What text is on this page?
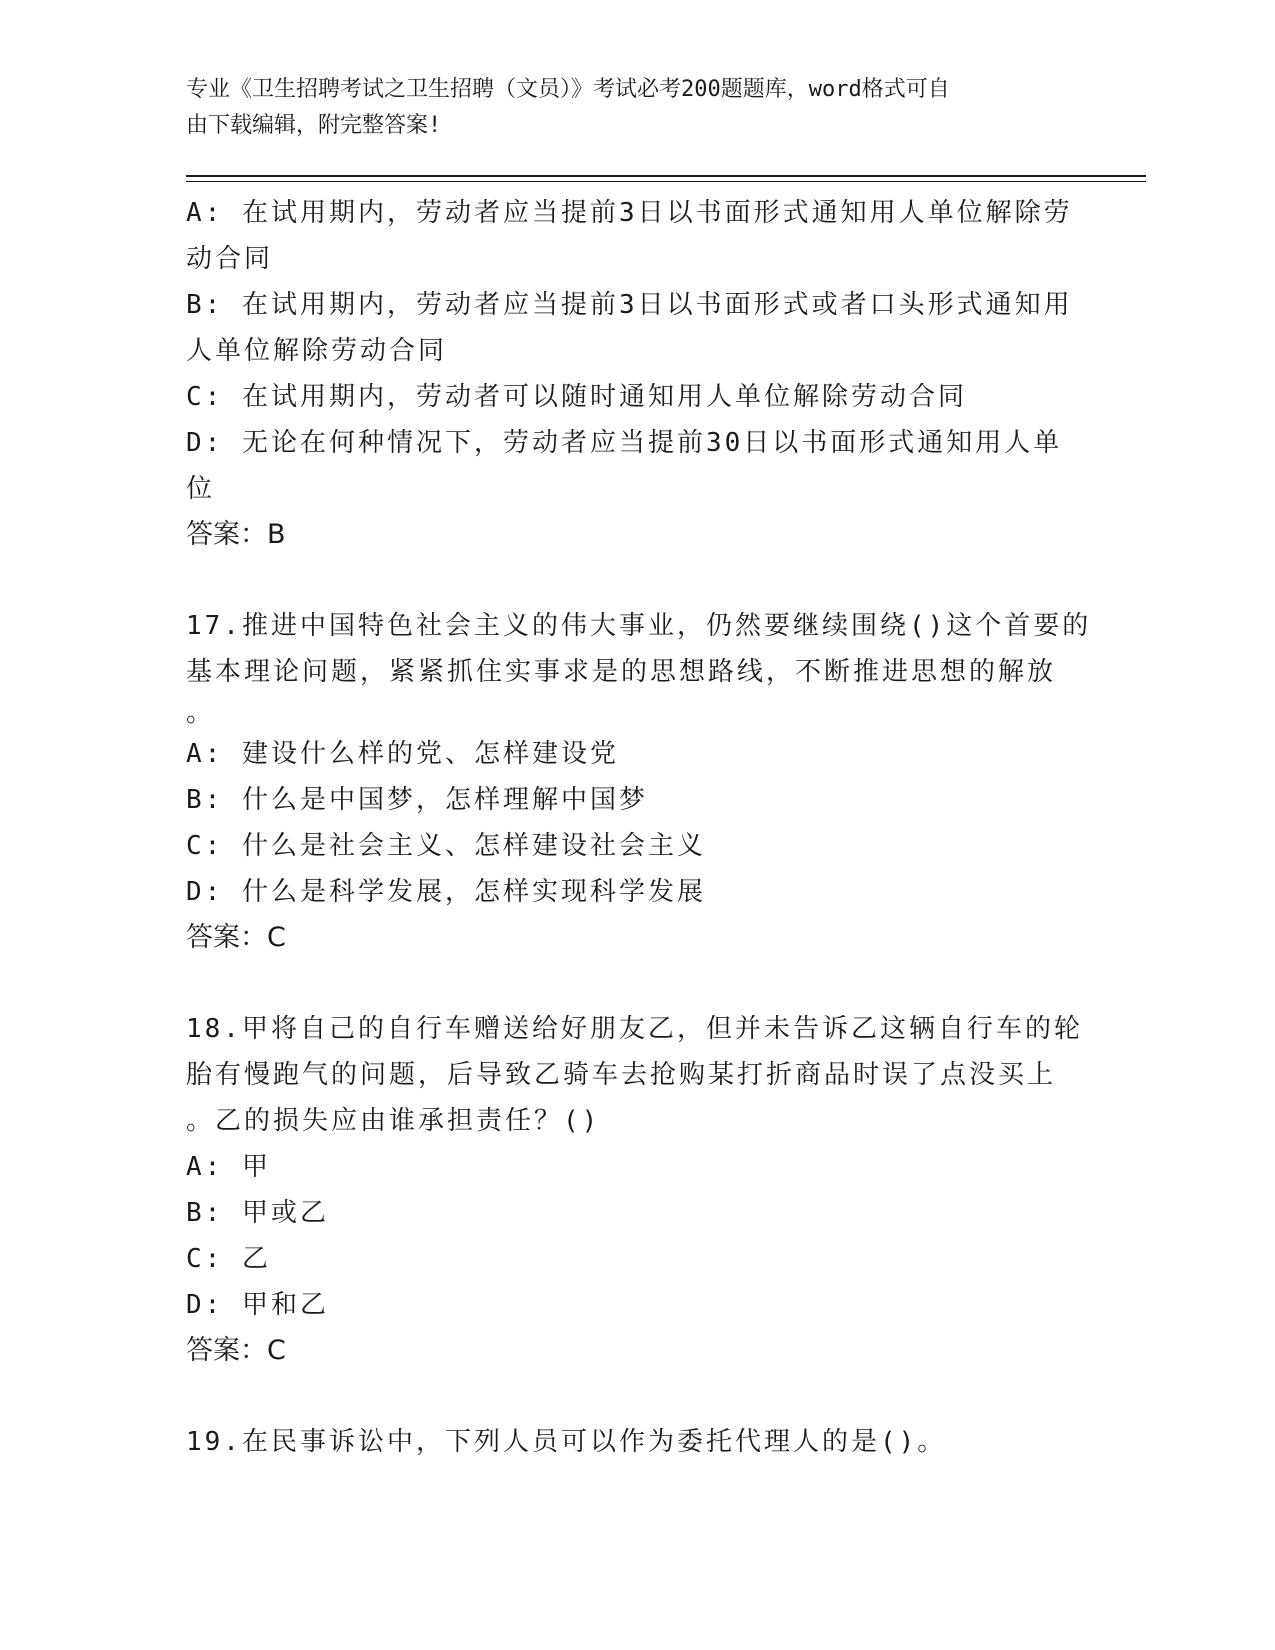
专业《卫生招聘考试之卫生招聘（文员）》考试必考200题题库，word格式可自
由下载编辑，附完整答案!
A: 在试用期内，劳动者应当提前3日以书面形式通知用人单位解除劳
动合同
B: 在试用期内，劳动者应当提前3日以书面形式或者口头形式通知用
人单位解除劳动合同
C: 在试用期内，劳动者可以随时通知用人单位解除劳动合同
D: 无论在何种情况下，劳动者应当提前30日以书面形式通知用人单
位
答案：B
17.推进中国特色社会主义的伟大事业，仍然要继续围绕()这个首要的
基本理论问题，紧紧抓住实事求是的思想路线，不断推进思想的解放
。
A: 建设什么样的党、怎样建设党
B: 什么是中国梦，怎样理解中国梦
C: 什么是社会主义、怎样建设社会主义
D: 什么是科学发展，怎样实现科学发展
答案：C
18.甲将自己的自行车赠送给好朋友乙，但并未告诉乙这辆自行车的轮
胎有慢跑气的问题，后导致乙骑车去抢购某打折商品时误了点没买上
。乙的损失应由谁承担责任？()
A: 甲
B: 甲或乙
C: 乙
D: 甲和乙
答案：C
19.在民事诉讼中，下列人员可以作为委托代理人的是()。
